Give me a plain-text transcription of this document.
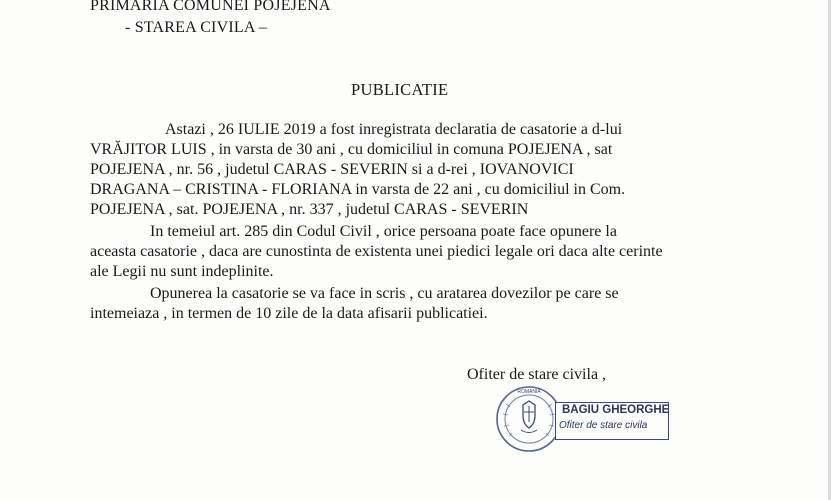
PRIMARIA COMUNEI POJEJENA
- STAREA CIVILA –
PUBLICATIE
Astazi , 26 IULIE 2019 a fost inregistrata declaratia de casatorie a d-lui
VRĂJITOR LUIS , in varsta de 30 ani , cu domiciliul in comuna POJEJENA , sat
POJEJENA , nr. 56 , judetul CARAS - SEVERIN si a d-rei , IOVANOVICI
DRAGANA – CRISTINA - FLORIANA in varsta de 22 ani , cu domiciliul in Com.
POJEJENA , sat. POJEJENA , nr. 337 , judetul CARAS - SEVERIN
In temeiul art. 285 din Codul Civil , orice persoana poate face opunere la
aceasta casatorie , daca are cunostinta de existenta unei piedici legale ori daca alte cerinte
ale Legii nu sunt indeplinite.
Opunerea la casatorie se va face in scris , cu aratarea dovezilor pe care se
intemeiaza , in termen de 10 zile de la data afisarii publicatiei.
Ofiter de stare civila ,
ROMANIA
BAGIU GHEORGHE
Ofiter de stare civila
